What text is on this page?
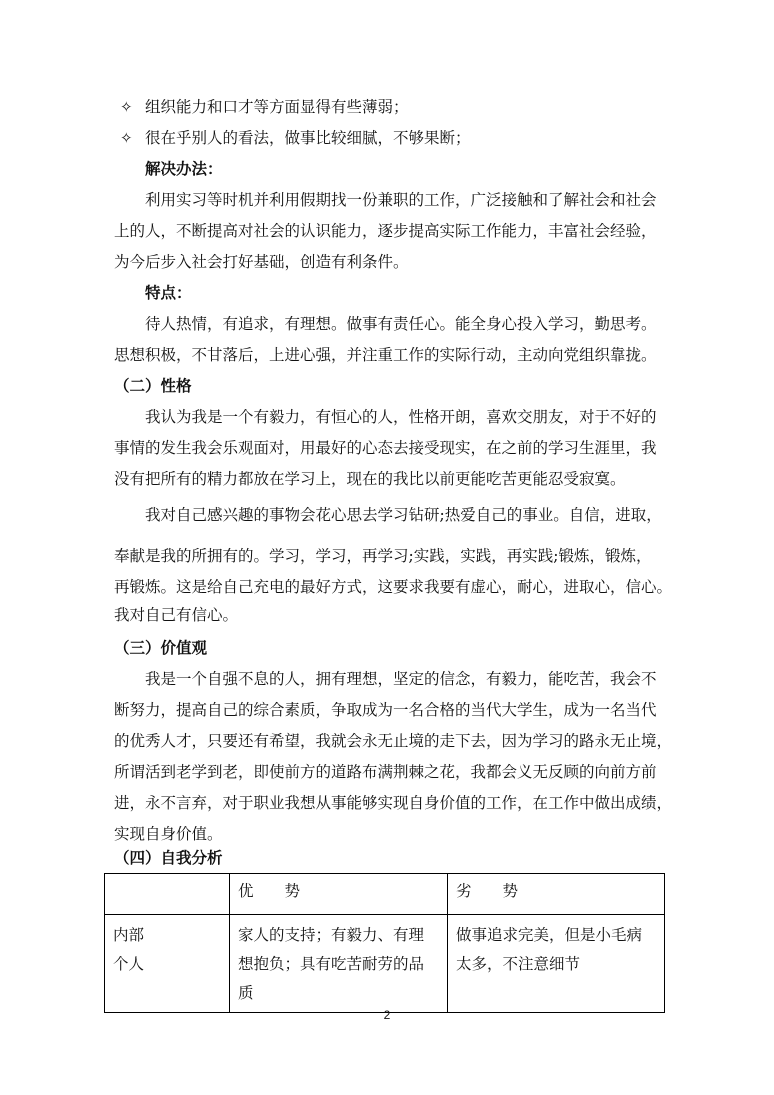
✧ 组织能力和口才等方面显得有些薄弱；
✧ 很在乎别人的看法，做事比较细腻，不够果断；
解决办法：
利用实习等时机并利用假期找一份兼职的工作，广泛接触和了解社会和社会
上的人，不断提高对社会的认识能力，逐步提高实际工作能力，丰富社会经验，
为今后步入社会打好基础，创造有利条件。
特点：
待人热情，有追求，有理想。做事有责任心。能全身心投入学习，勤思考。
思想积极，不甘落后，上进心强，并注重工作的实际行动，主动向党组织靠拢。
（二）性格
我认为我是一个有毅力，有恒心的人，性格开朗，喜欢交朋友，对于不好的
事情的发生我会乐观面对，用最好的心态去接受现实，在之前的学习生涯里，我
没有把所有的精力都放在学习上，现在的我比以前更能吃苦更能忍受寂寞。
我对自己感兴趣的事物会花心思去学习钻研;热爱自己的事业。自信，进取，
奉献是我的所拥有的。学习，学习，再学习;实践，实践，再实践;锻炼，锻炼，
再锻炼。这是给自己充电的最好方式，这要求我要有虚心，耐心，进取心，信心。
我对自己有信心。
（三）价值观
我是一个自强不息的人，拥有理想，坚定的信念，有毅力，能吃苦，我会不
断努力，提高自己的综合素质，争取成为一名合格的当代大学生，成为一名当代
的优秀人才，只要还有希望，我就会永无止境的走下去，因为学习的路永无止境，
所谓活到老学到老，即使前方的道路布满荆棘之花，我都会义无反顾的向前方前
进，永不言弃，对于职业我想从事能够实现自身价值的工作，在工作中做出成绩，
实现自身价值。
（四）自我分析
	优　　势	劣　　势
内部
个人	家人的支持；有毅力、有理想抱负；具有吃苦耐劳的品质	做事追求完美，但是小毛病太多，不注意细节
2
